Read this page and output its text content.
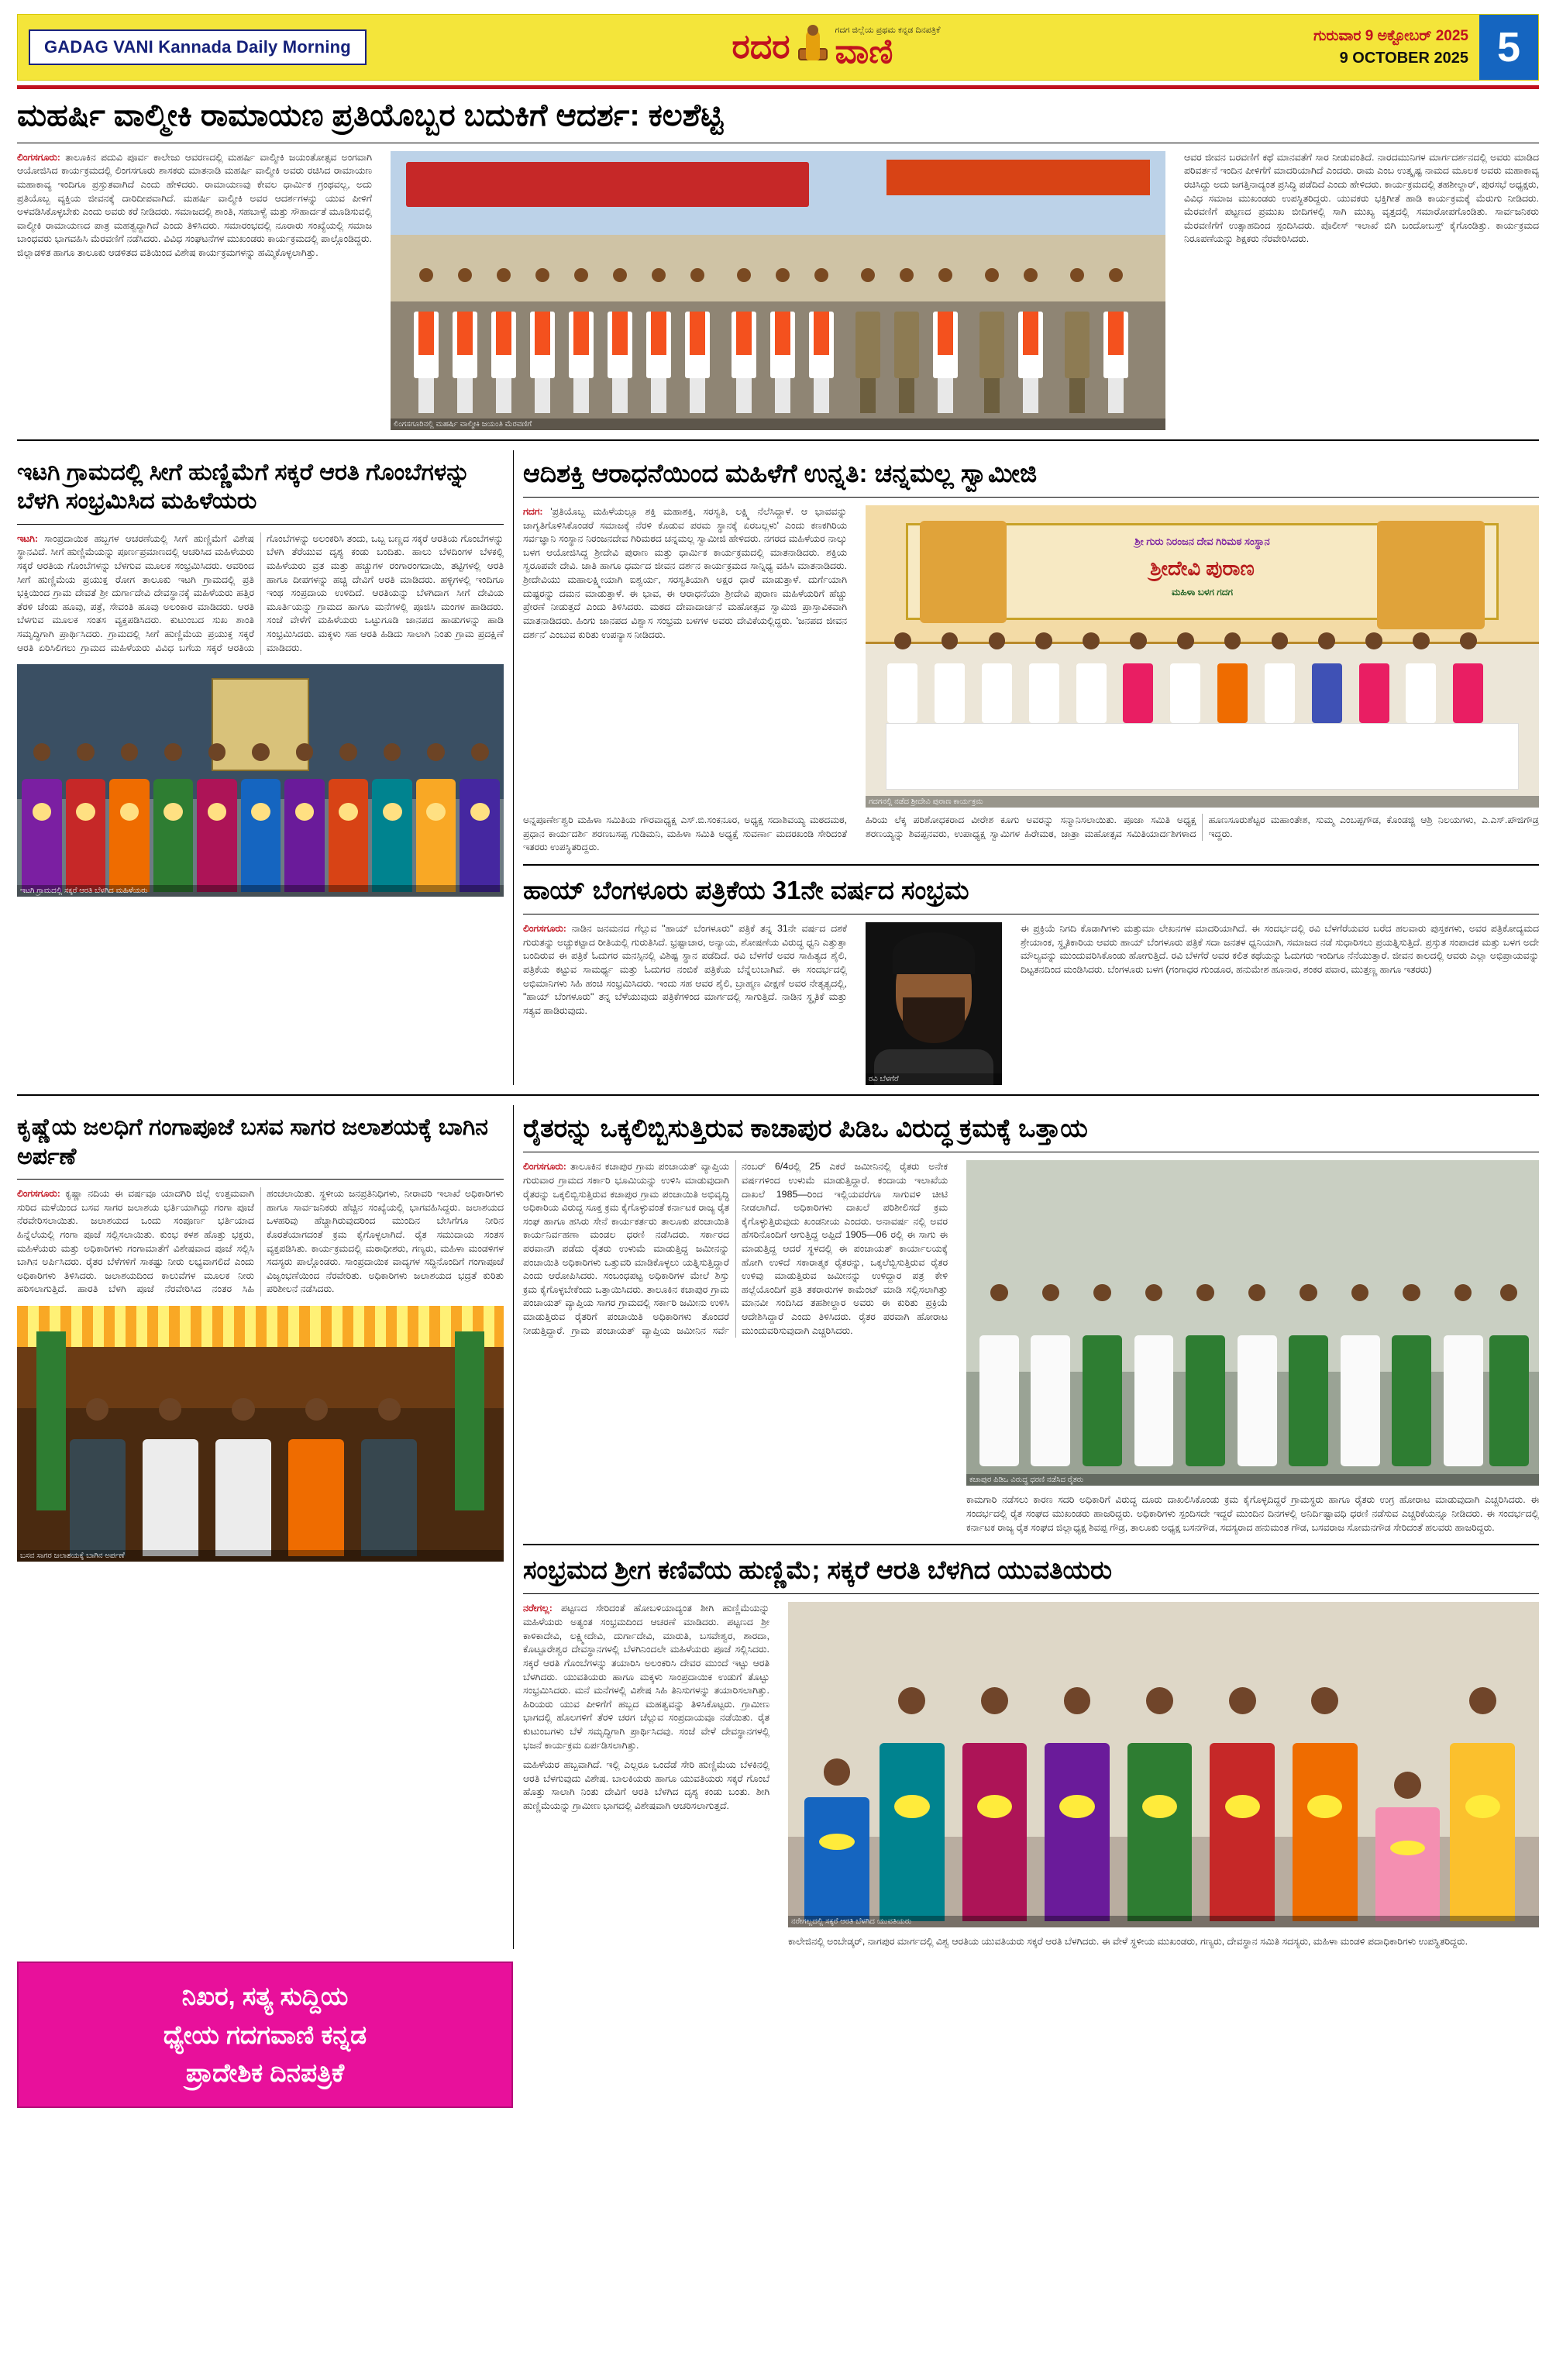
GADAG VANI Kannada Daily Morning	ರದರ	ಗದಗ ಜಿಲ್ಲೆಯ ಪ್ರಥಮ ಕನ್ನಡ ದಿನಪತ್ರಿಕೆ
ವಾಣಿ	ಗುರುವಾರ 9 ಅಕ್ಟೋಬರ್ 2025
9 OCTOBER 2025 5
ಮಹರ್ಷಿ ವಾಲ್ಮೀಕಿ ರಾಮಾಯಣ ಪ್ರತಿಯೊಬ್ಬರ ಬದುಕಿಗೆ ಆದರ್ಶ: ಕಲಶೆಟ್ಟಿ
ಲಿಂಗಸಗೂರು: ತಾಲೂಕಿನ ಪದುವಿ ಪೂರ್ವ ಕಾಲೇಜು ಆವರಣದಲ್ಲಿ ಮಹರ್ಷಿ ವಾಲ್ಮೀಕಿ ಜಯಂತೋತ್ಸವ ಅಂಗವಾಗಿ ಆಯೋಜಿಸಿದ ಕಾರ್ಯಕ್ರಮದಲ್ಲಿ ಲಿಂಗಸಗೂರು ಶಾಸಕರು ಮಾತನಾಡಿ ಮಹರ್ಷಿ ವಾಲ್ಮೀಕಿ ಅವರು ರಚಿಸಿದ ರಾಮಾಯಣ ಮಹಾಕಾವ್ಯ ಇಂದಿಗೂ ಪ್ರಸ್ತುತವಾಗಿದೆ ಎಂದು ಹೇಳಿದರು. ರಾಮಾಯಣವು ಕೇವಲ ಧಾರ್ಮಿಕ ಗ್ರಂಥವಲ್ಲ, ಅದು ಪ್ರತಿಯೊಬ್ಬ ವ್ಯಕ್ತಿಯ ಜೀವನಕ್ಕೆ ದಾರಿದೀಪವಾಗಿದೆ. ಮಹರ್ಷಿ ವಾಲ್ಮೀಕಿ ಅವರ ಆದರ್ಶಗಳನ್ನು ಯುವ ಪೀಳಿಗೆ ಅಳವಡಿಸಿಕೊಳ್ಳಬೇಕು ಎಂದು ಅವರು ಕರೆ ನೀಡಿದರು. ಸಮಾಜದಲ್ಲಿ ಶಾಂತಿ, ಸಹಬಾಳ್ವೆ ಮತ್ತು ಸೌಹಾರ್ದತೆ ಮೂಡಿಸುವಲ್ಲಿ ವಾಲ್ಮೀಕಿ ರಾಮಾಯಣದ ಪಾತ್ರ ಮಹತ್ವದ್ದಾಗಿದೆ ಎಂದು ತಿಳಿಸಿದರು. ಸಮಾರಂಭದಲ್ಲಿ ನೂರಾರು ಸಂಖ್ಯೆಯಲ್ಲಿ ಸಮಾಜ ಬಾಂಧವರು ಭಾಗವಹಿಸಿ ಮೆರವಣಿಗೆ ನಡೆಸಿದರು. ವಿವಿಧ ಸಂಘಟನೆಗಳ ಮುಖಂಡರು ಕಾರ್ಯಕ್ರಮದಲ್ಲಿ ಪಾಲ್ಗೊಂಡಿದ್ದರು. ಜಿಲ್ಲಾಡಳಿತ ಹಾಗೂ ತಾಲೂಕು ಆಡಳಿತದ ವತಿಯಿಂದ ವಿಶೇಷ ಕಾರ್ಯಕ್ರಮಗಳನ್ನು ಹಮ್ಮಿಕೊಳ್ಳಲಾಗಿತ್ತು.
ಲಿಂಗಸಗೂರಿನಲ್ಲಿ ಮಹರ್ಷಿ ವಾಲ್ಮೀಕಿ ಜಯಂತಿ ಮೆರವಣಿಗೆ
ಆವರ ಜೀವನ ಬರವಣಿಗೆ ಕಥೆ ಮಾನವತೆಗೆ ಸಾರ ನೀಡುವಂತಿದೆ. ನಾರದಮುನಿಗಳ ಮಾರ್ಗದರ್ಶನದಲ್ಲಿ ಅವರು ಮಾಡಿದ ಪರಿವರ್ತನೆ ಇಂದಿನ ಪೀಳಿಗೆಗೆ ಮಾದರಿಯಾಗಿದೆ ಎಂದರು. ರಾಮ ಎಂಬ ಉತ್ಕೃಷ್ಟ ನಾಮದ ಮೂಲಕ ಅವರು ಮಹಾಕಾವ್ಯ ರಚಿಸಿದ್ದು ಅದು ಜಗತ್ತಿನಾದ್ಯಂತ ಪ್ರಸಿದ್ಧಿ ಪಡೆದಿದೆ ಎಂದು ಹೇಳಿದರು. ಕಾರ್ಯಕ್ರಮದಲ್ಲಿ ತಹಶೀಲ್ದಾರ್, ಪುರಸಭೆ ಅಧ್ಯಕ್ಷರು, ವಿವಿಧ ಸಮಾಜ ಮುಖಂಡರು ಉಪಸ್ಥಿತರಿದ್ದರು. ಯುವಕರು ಭಕ್ತಿಗೀತೆ ಹಾಡಿ ಕಾರ್ಯಕ್ರಮಕ್ಕೆ ಮೆರುಗು ನೀಡಿದರು. ಮೆರವಣಿಗೆ ಪಟ್ಟಣದ ಪ್ರಮುಖ ಬೀದಿಗಳಲ್ಲಿ ಸಾಗಿ ಮುಖ್ಯ ವೃತ್ತದಲ್ಲಿ ಸಮಾರೋಪಗೊಂಡಿತು. ಸಾರ್ವಜನಿಕರು ಮೆರವಣಿಗೆಗೆ ಉತ್ಸಾಹದಿಂದ ಸ್ಪಂದಿಸಿದರು. ಪೊಲೀಸ್ ಇಲಾಖೆ ಬಿಗಿ ಬಂದೋಬಸ್ತ್ ಕೈಗೊಂಡಿತ್ತು. ಕಾರ್ಯಕ್ರಮದ ನಿರೂಪಣೆಯನ್ನು ಶಿಕ್ಷಕರು ನೆರವೇರಿಸಿದರು.
ಇಟಗಿ ಗ್ರಾಮದಲ್ಲಿ ಸೀಗೆ ಹುಣ್ಣಿಮೆಗೆ ಸಕ್ಕರೆ ಆರತಿ ಗೊಂಬೆಗಳನ್ನು ಬೆಳಗಿ ಸಂಭ್ರಮಿಸಿದ ಮಹಿಳೆಯರು
ಇಟಗಿ: ಸಾಂಪ್ರದಾಯಿಕ ಹಬ್ಬಗಳ ಆಚರಣೆಯಲ್ಲಿ ಸೀಗೆ ಹುಣ್ಣಿಮೆಗೆ ವಿಶೇಷ ಸ್ಥಾನವಿದೆ. ಸೀಗೆ ಹುಣ್ಣಿಮೆಯನ್ನು ಪೂರ್ಣಪ್ರಮಾಣದಲ್ಲಿ ಆಚರಿಸಿದ ಮಹಿಳೆಯರು ಸಕ್ಕರೆ ಆರತಿಯ ಗೊಂಬೆಗಳನ್ನು ಬೆಳಗುವ ಮೂಲಕ ಸಂಭ್ರಮಿಸಿದರು. ಆವರಿಂದ ಸೀಗೆ ಹುಣ್ಣಿಮೆಯ ಪ್ರಯುಕ್ತ ರೋಗ ತಾಲೂಕು ಇಟಗಿ ಗ್ರಾಮದಲ್ಲಿ ಪ್ರತಿ ಭಕ್ತಿಯಿಂದ ಗ್ರಾಮ ದೇವತೆ ಶ್ರೀ ದುರ್ಗಾದೇವಿ ದೇವಸ್ಥಾನಕ್ಕೆ ಮಹಿಳೆಯರು ಹತ್ತಿರ ತೆರಳಿ ಚೆಂಡು ಹೂವು, ಪತ್ರೆ, ಸೇವಂತಿ ಹೂವು ಅಲಂಕಾರ ಮಾಡಿದರು. ಆರತಿ ಬೆಳಗುವ ಮೂಲಕ ಸಂತಸ ವ್ಯಕ್ತಪಡಿಸಿದರು. ಕುಟುಂಬದ ಸುಖ ಶಾಂತಿ ಸಮೃದ್ಧಿಗಾಗಿ ಪ್ರಾರ್ಥಿಸಿದರು. ಗ್ರಾಮದಲ್ಲಿ ಸೀಗೆ ಹುಣ್ಣಿಮೆಯ ಪ್ರಯುಕ್ತ ಸಕ್ಕರೆ ಆರತಿ ಏರಿಸಿಲಿಗಲು ಗ್ರಾಮದ ಮಹಿಳೆಯರು ವಿವಿಧ ಬಗೆಯ ಸಕ್ಕರೆ ಆರತಿಯ ಗೊಂಬೆಗಳನ್ನು ಅಲಂಕರಿಸಿ ತಂದು, ಒಬ್ಬ ಬಣ್ಣದ ಸಕ್ಕರೆ ಆರತಿಯ ಗೊಂಬೆಗಳನ್ನು ಬೆಳಗಿ ತೆರೆಯುವ ದೃಶ್ಯ ಕಂಡು ಬಂದಿತು. ಹಾಲು ಬೆಳದಿಂಗಳ ಬೆಳಕಲ್ಲಿ ಮಹಿಳೆಯರು ವ್ರತ ಮತ್ತು ಹಚ್ಚುಗಳ ರಂಗಾರಂಗದಾಯಿ, ತಟ್ಟಿಗಳಲ್ಲಿ ಆರತಿ ಹಾಗೂ ದೀಪಗಳನ್ನು ಹಚ್ಚಿ ದೇವಿಗೆ ಆರತಿ ಮಾಡಿದರು. ಹಳ್ಳಿಗಳಲ್ಲಿ ಇಂದಿಗೂ ಇಂಥ ಸಂಪ್ರದಾಯ ಉಳಿದಿದೆ. ಆರತಿಯನ್ನು ಬೆಳಗಿದಾಗ ಸೀಗೆ ದೇವಿಯ ಮೂರ್ತಿಯನ್ನು ಗ್ರಾಮದ ಹಾಗೂ ಮನೆಗಳಲ್ಲಿ ಪೂಜಿಸಿ ಮಂಗಳ ಹಾಡಿದರು. ಸಂಜೆ ವೇಳೆಗೆ ಮಹಿಳೆಯರು ಒಟ್ಟುಗೂಡಿ ಜಾನಪದ ಹಾಡುಗಳನ್ನು ಹಾಡಿ ಸಂಭ್ರಮಿಸಿದರು. ಮಕ್ಕಳು ಸಹ ಆರತಿ ಹಿಡಿದು ಸಾಲಾಗಿ ನಿಂತು ಗ್ರಾಮ ಪ್ರದಕ್ಷಿಣೆ ಮಾಡಿದರು.
ಇಟಗಿ ಗ್ರಾಮದಲ್ಲಿ ಸಕ್ಕರೆ ಆರತಿ ಬೆಳಗಿದ ಮಹಿಳೆಯರು
ಆದಿಶಕ್ತಿ ಆರಾಧನೆಯಿಂದ ಮಹಿಳೆಗೆ ಉನ್ನತಿ: ಚನ್ನಮಲ್ಲ ಸ್ವಾಮೀಜಿ
ಗದಗ: 'ಪ್ರತಿಯೊಬ್ಬ ಮಹಿಳೆಯಲ್ಲೂ ಶಕ್ತಿ ಮಹಾಶಕ್ತಿ, ಸರಸ್ವತಿ, ಲಕ್ಷ್ಮಿ ನೆಲೆಸಿದ್ದಾಳೆ. ಆ ಭಾವವನ್ನು ಜಾಗೃತಿಗೊಳಿಸಿಕೊಂಡರೆ ಸಮಾಜಕ್ಕೆ ನೆರಳಿ ಕೊಡುವ ಪರಮ ಸ್ಥಾನಕ್ಕೆ ಏರಬಲ್ಲಳು' ಎಂದು ಕಣಕಗಿರಿಯ ಸರ್ವಜ್ಞಾನಿ ಸಂಸ್ಥಾನ ನಿರಂಜನದೇವ ಗಿರಿಮಠದ ಚನ್ನಮಲ್ಲ ಸ್ವಾಮೀಜಿ ಹೇಳಿದರು. ನಗರದ ಮಹಿಳೆಯರ ನಾಲ್ಕು ಬಳಗ ಆಯೋಜಿಸಿದ್ದ ಶ್ರೀದೇವಿ ಪುರಾಣ ಮತ್ತು ಧಾರ್ಮಿಕ ಕಾರ್ಯಕ್ರಮದಲ್ಲಿ ಮಾತನಾಡಿದರು. ಶಕ್ತಿಯ ಸ್ವರೂಪವೇ ದೇವಿ. ಜಾತಿ ಹಾಗೂ ಧರ್ಮದ ಜೀವನ ದರ್ಶನ ಕಾರ್ಯಕ್ರಮದ ಸಾನ್ನಿಧ್ಯ ವಹಿಸಿ ಮಾತನಾಡಿದರು. ಶ್ರೀದೇವಿಯು ಮಹಾಲಕ್ಷ್ಮೀಯಾಗಿ ಐಶ್ವರ್ಯ, ಸರಸ್ವತಿಯಾಗಿ ಅಕ್ಷರ ಧಾರೆ ಮಾಡುತ್ತಾಳೆ. ದುರ್ಗೆಯಾಗಿ ದುಷ್ಟರನ್ನು ದಮನ ಮಾಡುತ್ತಾಳೆ. ಈ ಭಾವ, ಈ ಆರಾಧನೆಯಾ ಶ್ರೀದೇವಿ ಪುರಾಣ ಮಹಿಳೆಯರಿಗೆ ಹೆಚ್ಚು ಪ್ರೇರಣೆ ನೀಡುತ್ತದೆ ಎಂದು ತಿಳಿಸಿದರು. ಮಠದ ದೇವಾದಾರ್ಚನೆ ಮಹೋತ್ಸವ ಸ್ವಾಮಿಜಿ ಪ್ರಾಸ್ತಾವಿಕವಾಗಿ ಮಾತನಾಡಿದರು. ಹಿಂಗು ಜಾನಪದ ವಿಶ್ವಾಸ ಸಂಭ್ರಮ ಬಳಗಳ ಅವರು ದೇವಿಕೆಯಲ್ಲಿದ್ದರು. 'ಜನಪದ ಜೀವನ ದರ್ಶನ' ಎಂಬುವ ಕುರಿತು ಉಪನ್ಯಾಸ ನೀಡಿದರು.
ಶ್ರೀ ಗುರು ನಿರಂಜನ ದೇವ ಗಿರಿಮಠ ಸಂಸ್ಥಾನ
ಶ್ರೀದೇವಿ ಪುರಾಣ
ಮಹಿಳಾ ಬಳಗ ಗದಗ
ಗದಗನಲ್ಲಿ ನಡೆದ ಶ್ರೀದೇವಿ ಪುರಾಣ ಕಾರ್ಯಕ್ರಮ
ಅನ್ನಪೂರ್ಣೇಶ್ವರಿ ಮಹಿಳಾ ಸಮಿತಿಯ ಗೌರವಾಧ್ಯಕ್ಷ ಎಸ್.ಬಿ.ಸಂಕನೂರ, ಅಧ್ಯಕ್ಷ ಸದಾಶಿವಯ್ಯ ಮಠದಮಠ, ಪ್ರಧಾನ ಕಾರ್ಯದರ್ಶಿ ಶರಣಬಸಪ್ಪ ಗುಡಿಮನಿ, ಮಹಿಳಾ ಸಮಿತಿ ಅಧ್ಯಕ್ಷೆ ಸುವರ್ಣಾ ಮದರಖಂಡಿ ಸೇರಿದಂತೆ ಇತರರು ಉಪಸ್ಥಿತರಿದ್ದರು.
ಹಿರಿಯ ಲೆಕ್ಕ ಪರಿಶೋಧಕರಾದ ವೀರೇಶ ಕೂಗು ಅವರನ್ನು ಸನ್ಮಾನಿಸಲಾಯಿತು. ಪೂಜಾ ಸಮಿತಿ ಅಧ್ಯಕ್ಷ ಶರಣಯ್ಯನ್ನು ಶಿವಪ್ಪನವರು, ಉಪಾಧ್ಯಕ್ಷ ಸ್ವಾಮಿಗಳ ಹಿರೇಮಠ, ಜಾತ್ರಾ ಮಹೋತ್ಸವ ಸಮಿತಿಯಾರ್ದಶಿಗಳಾದ ಹೂಣಸೂರುಶೆಟ್ಟರ ಮಹಾಂತೇಶ, ಸುಮ್ಮ ಎಂಬಪ್ಪಗೌಡ, ಕೊಂಡಜ್ಜಿ ಆಶ್ರಿ ನಿಲಯಗಳು, ಎ.ಎಸ್.ಪೌಜಿಗೌಡ್ರ ಇದ್ದರು.
ಹಾಯ್ ಬೆಂಗಳೂರು ಪತ್ರಿಕೆಯ 31ನೇ ವರ್ಷದ ಸಂಭ್ರಮ
ಲಿಂಗಸಗೂರು: ನಾಡಿನ ಜನಮನದ ಗೆಲ್ಲುವ "ಹಾಯ್ ಬೆಂಗಳೂರು" ಪತ್ರಿಕೆ ತನ್ನ 31ನೇ ವರ್ಷದ ದಶಕೆ ಗುರುತನ್ನು ಅಚ್ಚುಕಟ್ಟಾದ ರೀತಿಯಲ್ಲಿ ಗುರುತಿಸಿದೆ. ಭ್ರಷ್ಟಾಚಾರ, ಅನ್ಯಾಯ, ಶೋಷಣೆಯ ವಿರುದ್ಧ ಧ್ವನಿ ಎತ್ತುತ್ತಾ ಬಂದಿರುವ ಈ ಪತ್ರಿಕೆ ಓದುಗರ ಮನಸ್ಸಿನಲ್ಲಿ ವಿಶಿಷ್ಟ ಸ್ಥಾನ ಪಡೆದಿದೆ. ರವಿ ಬೆಳಗೆರೆ ಅವರ ಸಾಹಿತ್ಯದ ಶೈಲಿ, ಪತ್ರಿಕೆಯ ಕಟ್ಟುವ ಸಾಮರ್ಥ್ಯ ಮತ್ತು ಓದುಗರ ನಂಬಿಕೆ ಪತ್ರಿಕೆಯ ಬೆನ್ನೆಲುಬಾಗಿವೆ. ಈ ಸಂದರ್ಭದಲ್ಲಿ ಅಭಿಮಾನಿಗಳು ಸಿಹಿ ಹಂಚಿ ಸಂಭ್ರಮಿಸಿದರು. ಇಂದು ಸಹ ಆವರ ಶೈಲಿ, ಬ್ರಾಹ್ಮಣ ವೀಕ್ಷಣೆ ಅವರ ನೇತೃತ್ವದಲ್ಲಿ, "ಹಾಯ್ ಬೆಂಗಳೂರು" ತನ್ನ ಬೆಳೆಯುವುದು ಪತ್ರಿಕೆಗಳಿಂದ ಮಾರ್ಗದಲ್ಲಿ ಸಾಗುತ್ತಿದೆ. ನಾಡಿನ ಸ್ಥೃತಿಕೆ ಮತ್ತು ಸತ್ಯವ ಹಾಡಿರುವುದು.
ರವಿ ಬೆಳಗೆರೆ
ಈ ಪ್ರಕ್ರಿಯೆ ನಿಗದಿ ಕೊಡಾಗಿಗಳು ಮತ್ತುಮಾ ಲೇಖನಗಳ ಮಾದರಿಯಾಗಿದೆ. ಈ ಸಂದರ್ಭದಲ್ಲಿ ರವಿ ಬೆಳಗೆರೆಯವರ ಬರೆದ ಹಲವಾರು ಪುಸ್ತಕಗಳು, ಅವರ ಪತ್ರಿಕೋದ್ಯಮದ ಶ್ರೇಯಾಂಕ, ಸ್ಥೃತಿಕಾರಿಯ ಆವರು ಹಾಯ್ ಬೆಂಗಳೂರು ಪತ್ರಿಕೆ ಸದಾ ಜನತಳ ಧ್ವನಿಯಾಗಿ, ಸಮಾಜದ ನಡೆ ಸುಧಾರಿಸಲು ಪ್ರಯತ್ನಿಸುತ್ತಿದೆ. ಪ್ರಸ್ತುತ ಸಂಪಾದಕ ಮತ್ತು ಬಳಗ ಅದೇ ಮೌಲ್ಯವನ್ನು ಮುಂದುವರಿಸಿಕೊಂಡು ಹೋಗುತ್ತಿದೆ. ರವಿ ಬೆಳಗೆರೆ ಅವರ ಕಲಿತ ಕಥೆಯನ್ನು ಓದುಗರು ಇಂದಿಗೂ ನೆನೆಯುತ್ತಾರೆ. ಜೀವನ ಕಾಲದಲ್ಲಿ ಆವರು ಎಲ್ಲಾ ಅಭಿಪ್ರಾಯವನ್ನು ದಿಟ್ಟತನದಿಂದ ಮಂಡಿಸಿದರು. ಬೆಂಗಳೂರು ಬಳಗ (ಗಂಗಾಧರ ಗುಂಡೂರ, ಹನುಮೇಶ ಹೂನಾರ, ಶಂಕರ ಪವಾರ, ಮುತ್ತಣ್ಣ ಹಾಗೂ ಇತರರು)
ಕೃಷ್ಣೆಯ ಜಲಧಿಗೆ ಗಂಗಾಪೂಜೆ ಬಸವ ಸಾಗರ ಜಲಾಶಯಕ್ಕೆ ಬಾಗಿನ ಅರ್ಪಣೆ
ಲಿಂಗಸಗೂರು: ಕೃಷ್ಣಾ ನದಿಯ ಈ ವರ್ಷವೂ ಯಾದಗಿರಿ ಜಿಲ್ಲೆ ಉತ್ತಮವಾಗಿ ಸುರಿದ ಮಳೆಯಿಂದ ಬಸವ ಸಾಗರ ಜಲಾಶಯ ಭರ್ತಿಯಾಗಿದ್ದು ಗಂಗಾ ಪೂಜೆ ನೆರವೇರಿಸಲಾಯಿತು. ಜಲಾಶಯದ ಒಂದು ಸಂಪೂರ್ಣ ಭರ್ತಿಯಾದ ಹಿನ್ನೆಲೆಯಲ್ಲಿ ಗಂಗಾ ಪೂಜೆ ಸಲ್ಲಿಸಲಾಯಿತು. ಕುಂಭ ಕಳಶ ಹೊತ್ತು ಭಕ್ತರು, ಮಹಿಳೆಯರು ಮತ್ತು ಅಧಿಕಾರಿಗಳು ಗಂಗಾಮಾತೆಗೆ ವಿಶೇಷವಾದ ಪೂಜೆ ಸಲ್ಲಿಸಿ ಬಾಗಿನ ಅರ್ಪಿಸಿದರು. ರೈತರ ಬೆಳೆಗಳಿಗೆ ಸಾಕಷ್ಟು ನೀರು ಲಭ್ಯವಾಗಲಿದೆ ಎಂದು ಅಧಿಕಾರಿಗಳು ತಿಳಿಸಿದರು. ಜಲಾಶಯದಿಂದ ಕಾಲುವೆಗಳ ಮೂಲಕ ನೀರು ಹರಿಸಲಾಗುತ್ತಿದೆ. ಹಾರತಿ ಬೆಳಗಿ ಪೂಜೆ ನೆರವೇರಿಸಿದ ನಂತರ ಸಿಹಿ ಹಂಚಲಾಯಿತು. ಸ್ಥಳೀಯ ಜನಪ್ರತಿನಿಧಿಗಳು, ನೀರಾವರಿ ಇಲಾಖೆ ಅಧಿಕಾರಿಗಳು ಹಾಗೂ ಸಾರ್ವಜನಿಕರು ಹೆಚ್ಚಿನ ಸಂಖ್ಯೆಯಲ್ಲಿ ಭಾಗವಹಿಸಿದ್ದರು. ಜಲಾಶಯದ ಒಳಹರಿವು ಹೆಚ್ಚಾಗಿರುವುದರಿಂದ ಮುಂದಿನ ಬೇಸಿಗೆಗೂ ನೀರಿನ ಕೊರತೆಯಾಗದಂತೆ ಕ್ರಮ ಕೈಗೊಳ್ಳಲಾಗಿದೆ. ರೈತ ಸಮುದಾಯ ಸಂತಸ ವ್ಯಕ್ತಪಡಿಸಿತು. ಕಾರ್ಯಕ್ರಮದಲ್ಲಿ ಮಠಾಧೀಶರು, ಗಣ್ಯರು, ಮಹಿಳಾ ಮಂಡಳಿಗಳ ಸದಸ್ಯರು ಪಾಲ್ಗೊಂಡರು. ಸಾಂಪ್ರದಾಯಿಕ ವಾದ್ಯಗಳ ಸದ್ದಿನೊಂದಿಗೆ ಗಂಗಾಪೂಜೆ ವಿಜೃಂಭಣೆಯಿಂದ ನೆರವೇರಿತು. ಅಧಿಕಾರಿಗಳು ಜಲಾಶಯದ ಭದ್ರತೆ ಕುರಿತು ಪರಿಶೀಲನೆ ನಡೆಸಿದರು.
ಬಸವ ಸಾಗರ ಜಲಾಶಯಕ್ಕೆ ಬಾಗಿನ ಅರ್ಪಣೆ
ರೈತರನ್ನು ಒಕ್ಕಲಿಬ್ಬಿಸುತ್ತಿರುವ ಕಾಚಾಪುರ ಪಿಡಿಒ ವಿರುದ್ಧ ಕ್ರಮಕ್ಕೆ ಒತ್ತಾಯ
ಲಿಂಗಸಗೂರು: ತಾಲೂಕಿನ ಕಚಾಪುರ ಗ್ರಾಮ ಪಂಚಾಯತ್ ವ್ಯಾಪ್ತಿಯ ಗುರುವಾರ ಗ್ರಾಮದ ಸರ್ಕಾರಿ ಭೂಮಿಯನ್ನು ಉಳಿಸಿ ಮಾಡುವುದಾಗಿ ರೈತರನ್ನು ಒಕ್ಕಲಿಬ್ಬಿಸುತ್ತಿರುವ ಕಚಾಪುರ ಗ್ರಾಮ ಪಂಚಾಯಿತಿ ಅಭಿವೃದ್ಧಿ ಅಧಿಕಾರಿಯ ವಿರುದ್ಧ ಸೂಕ್ತ ಕ್ರಮ ಕೈಗೊಳ್ಳುವಂತೆ ಕರ್ನಾಟಕ ರಾಜ್ಯ ರೈತ ಸಂಘ ಹಾಗೂ ಹಸಿರು ಸೇನೆ ಕಾರ್ಯಕರ್ತರು ತಾಲೂಕು ಪಂಚಾಯಿತಿ ಕಾರ್ಯನಿರ್ವಹಣಾ ಮಂಡಲ ಧರಣಿ ನಡೆಸಿದರು. ಸರ್ಕಾರದ ಪರವಾನಗಿ ಪಡೆದು ರೈತರು ಉಳುಮೆ ಮಾಡುತ್ತಿದ್ದ ಜಮೀನನ್ನು ಪಂಚಾಯಿತಿ ಅಧಿಕಾರಿಗಳು ಒತ್ತುವರಿ ಮಾಡಿಕೊಳ್ಳಲು ಯತ್ನಿಸುತ್ತಿದ್ದಾರೆ ಎಂದು ಆರೋಪಿಸಿದರು. ಸಂಬಂಧಪಟ್ಟ ಅಧಿಕಾರಿಗಳ ಮೇಲೆ ಶಿಸ್ತು ಕ್ರಮ ಕೈಗೊಳ್ಳಬೇಕೆಂದು ಒತ್ತಾಯಿಸಿದರು. ತಾಲೂಕಿನ ಕಚಾಪುರ ಗ್ರಾಮ ಪಂಚಾಯತ್ ವ್ಯಾಪ್ತಿಯ ಸಾಗರ ಗ್ರಾಮದಲ್ಲಿ ಸರ್ಕಾರಿ ಜಮೀನು ಉಳಿಸಿ ಮಾಡುತ್ತಿರುವ ರೈತರಿಗೆ ಪಂಚಾಯಿತಿ ಅಧಿಕಾರಿಗಳು ತೊಂದರೆ ನೀಡುತ್ತಿದ್ದಾರೆ. ಗ್ರಾಮ ಪಂಚಾಯತ್ ವ್ಯಾಪ್ತಿಯ ಜಮೀನಿನ ಸರ್ವೆ ನಂಬರ್ 6/4ರಲ್ಲಿ 25 ಎಕರೆ ಜಮೀನಿನಲ್ಲಿ ರೈತರು ಅನೇಕ ವರ್ಷಗಳಿಂದ ಉಳುಮೆ ಮಾಡುತ್ತಿದ್ದಾರೆ. ಕಂದಾಯ ಇಲಾಖೆಯ ದಾಖಲೆ 1985—ರಿಂದ ಇಲ್ಲಿಯವರೆಗೂ ಸಾಗುವಳಿ ಚೀಟಿ ನೀಡಲಾಗಿದೆ. ಅಧಿಕಾರಿಗಳು ದಾಖಲೆ ಪರಿಶೀಲಿಸದೆ ಕ್ರಮ ಕೈಗೊಳ್ಳುತ್ತಿರುವುದು ಖಂಡನೀಯ ಎಂದರು. ಅನಾವರ್ಷ ನಲ್ಲಿ ಅವರ ಹೆಸರಿನೊಂದಿಗೆ ಆಗುತ್ತಿದ್ದ ಅಪ್ಪಿದೆ 1905—06 ರಲ್ಲಿ ಈ ಸಾಗು ಈ ಮಾಡುತ್ತಿದ್ದ ಆದರೆ ಸ್ಥಳದಲ್ಲಿ ಈ ಪಂಚಾಯತ್ ಕಾರ್ಯಾಲಯಕ್ಕೆ ಹೋಗಿ ಉಳಿದೆ ಸಕಾರಾತ್ಮಕ ರೈತರನ್ನು, ಒಕ್ಕಲೆಬ್ಬಿಸುತ್ತಿರುವ ರೈತರ ಉಳಿವು ಮಾಡುತ್ತಿರುವ ಜಮೀನನ್ನು ಉಳಿದ್ದಾರ ಪತ್ರ ಕೇಳಿ ಹಲ್ಲೆಯೊಂದಿಗೆ ಪ್ರತಿ ತಕರಾರುಗಳ ಕಾಮೆಂಟ್ ಮಾಡಿ ಸಲ್ಲಿಸಲಾಗಿತ್ತು ಮಾನವೀ ಸಂದಿಸಿದ ತಹಶೀಲ್ದಾರ ಅವರು ಈ ಕುರಿತು ಪ್ರಕ್ರಿಯೆ ಆದೇಶಿಸಿದ್ದಾರೆ ಎಂದು ತಿಳಿಸಿದರು. ರೈತರ ಪರವಾಗಿ ಹೋರಾಟ ಮುಂದುವರಿಸುವುದಾಗಿ ಎಚ್ಚರಿಸಿದರು.
ಕಚಾಪುರ ಪಿಡಿಒ ವಿರುದ್ಧ ಧರಣಿ ನಡೆಸಿದ ರೈತರು
ಕಾಮಗಾರಿ ನಡೆಸಲು ಕಾರಣ ಸದರಿ ಅಧಿಕಾರಿಗೆ ವಿರುದ್ಧ ದೂರು ದಾಖಲಿಸಿಕೊಂಡು ಕ್ರಮ ಕೈಗೊಳ್ಳದಿದ್ದರೆ ಗ್ರಾಮಸ್ಥರು ಹಾಗೂ ರೈತರು ಉಗ್ರ ಹೋರಾಟ ಮಾಡುವುದಾಗಿ ಎಚ್ಚರಿಸಿದರು. ಈ ಸಂದರ್ಭದಲ್ಲಿ ರೈತ ಸಂಘದ ಮುಖಂಡರು ಹಾಜರಿದ್ದರು. ಅಧಿಕಾರಿಗಳು ಸ್ಪಂದಿಸದೇ ಇದ್ದರೆ ಮುಂದಿನ ದಿನಗಳಲ್ಲಿ ಅನಿರ್ದಿಷ್ಟಾವಧಿ ಧರಣಿ ನಡೆಸುವ ಎಚ್ಚರಿಕೆಯನ್ನೂ ನೀಡಿದರು. ಈ ಸಂದರ್ಭದಲ್ಲಿ ಕರ್ನಾಟಕ ರಾಜ್ಯ ರೈತ ಸಂಘದ ಜಿಲ್ಲಾಧ್ಯಕ್ಷ ಶಿವಪ್ಪ ಗೌಡ್ರ, ತಾಲೂಕು ಅಧ್ಯಕ್ಷ ಬಸನಗೌಡ, ಸದಸ್ಯರಾದ ಹನುಮಂತ ಗೌಡ, ಬಸವರಾಜ ಸೋಮನಗೌಡ ಸೇರಿದಂತೆ ಹಲವರು ಹಾಜರಿದ್ದರು.
ಸಂಭ್ರಮದ ಶ್ರೀಗ ಕಣಿವೆಯ ಹುಣ್ಣಿಮೆ; ಸಕ್ಕರೆ ಆರತಿ ಬೆಳಗಿದ ಯುವತಿಯರು
ನರೇಗಲ್ಲ: ಪಟ್ಟಣದ ಸೇರಿದಂತೆ ಹೋಬಳಿಯಾದ್ಯಂತ ಶೀಗಿ ಹುಣ್ಣಿಮೆಯನ್ನು ಮಹಿಳೆಯರು ಅತ್ಯಂತ ಸಂಭ್ರಮದಿಂದ ಆಚರಣೆ ಮಾಡಿದರು. ಪಟ್ಟಣದ ಶ್ರೀ ಕಾಳಿಕಾದೇವಿ, ಲಕ್ಷ್ಮೀದೇವಿ, ದುರ್ಗಾದೇವಿ, ಮಾರುತಿ, ಬಸವೇಶ್ವರ, ಶಾರದಾ, ಕೊಟ್ಟೂರೇಶ್ವರ ದೇವಸ್ಥಾನಗಳಲ್ಲಿ ಬೆಳಗಿನಿಂದಲೇ ಮಹಿಳೆಯರು ಪೂಜೆ ಸಲ್ಲಿಸಿದರು. ಸಕ್ಕರೆ ಆರತಿ ಗೊಂಬೆಗಳನ್ನು ತಯಾರಿಸಿ ಅಲಂಕರಿಸಿ ದೇವರ ಮುಂದೆ ಇಟ್ಟು ಆರತಿ ಬೆಳಗಿದರು. ಯುವತಿಯರು ಹಾಗೂ ಮಕ್ಕಳು ಸಾಂಪ್ರದಾಯಿಕ ಉಡುಗೆ ತೊಟ್ಟು ಸಂಭ್ರಮಿಸಿದರು. ಮನೆ ಮನೆಗಳಲ್ಲಿ ವಿಶೇಷ ಸಿಹಿ ತಿನಿಸುಗಳನ್ನು ತಯಾರಿಸಲಾಗಿತ್ತು. ಹಿರಿಯರು ಯುವ ಪೀಳಿಗೆಗೆ ಹಬ್ಬದ ಮಹತ್ವವನ್ನು ತಿಳಿಸಿಕೊಟ್ಟರು. ಗ್ರಾಮೀಣ ಭಾಗದಲ್ಲಿ ಹೊಲಗಳಿಗೆ ತೆರಳಿ ಚರಗ ಚೆಲ್ಲುವ ಸಂಪ್ರದಾಯವೂ ನಡೆಯಿತು. ರೈತ ಕುಟುಂಬಗಳು ಬೆಳೆ ಸಮೃದ್ಧಿಗಾಗಿ ಪ್ರಾರ್ಥಿಸಿದವು. ಸಂಜೆ ವೇಳೆ ದೇವಸ್ಥಾನಗಳಲ್ಲಿ ಭಜನೆ ಕಾರ್ಯಕ್ರಮ ಏರ್ಪಡಿಸಲಾಗಿತ್ತು.
ಮಹಿಳೆಯರ ಹಬ್ಬವಾಗಿದೆ. ಇಲ್ಲಿ ಎಲ್ಲರೂ ಒಂದೆಡೆ ಸೇರಿ ಹುಣ್ಣಿಮೆಯ ಬೆಳಕಿನಲ್ಲಿ ಆರತಿ ಬೆಳಗುವುದು ವಿಶೇಷ. ಬಾಲಕಿಯರು ಹಾಗೂ ಯುವತಿಯರು ಸಕ್ಕರೆ ಗೊಂಬೆ ಹೊತ್ತು ಸಾಲಾಗಿ ನಿಂತು ದೇವಿಗೆ ಆರತಿ ಬೆಳಗಿದ ದೃಶ್ಯ ಕಂಡು ಬಂತು. ಶೀಗಿ ಹುಣ್ಣಿಮೆಯನ್ನು ಗ್ರಾಮೀಣ ಭಾಗದಲ್ಲಿ ವಿಶೇಷವಾಗಿ ಆಚರಿಸಲಾಗುತ್ತದೆ.
ನರೇಗಲ್ಲದಲ್ಲಿ ಸಕ್ಕರೆ ಆರತಿ ಬೆಳಗಿದ ಯುವತಿಯರು
ಕಾಲೇಜಿನಲ್ಲಿ ಅಂಬೇಡ್ಕರ್, ನಾಗಪುರ ಮಾರ್ಗದಲ್ಲಿ ವಿಶ್ವ ಆರತಿಯ ಯುವತಿಯರು ಸಕ್ಕರೆ ಆರತಿ ಬೆಳಗಿದರು. ಈ ವೇಳೆ ಸ್ಥಳೀಯ ಮುಖಂಡರು, ಗಣ್ಯರು, ದೇವಸ್ಥಾನ ಸಮಿತಿ ಸದಸ್ಯರು, ಮಹಿಳಾ ಮಂಡಳಿ ಪದಾಧಿಕಾರಿಗಳು ಉಪಸ್ಥಿತರಿದ್ದರು.
ನಿಖರ, ಸತ್ಯ ಸುದ್ದಿಯ
ಧ್ಯೇಯ ಗದಗವಾಣಿ ಕನ್ನಡ
ಪ್ರಾದೇಶಿಕ ದಿನಪತ್ರಿಕೆ
